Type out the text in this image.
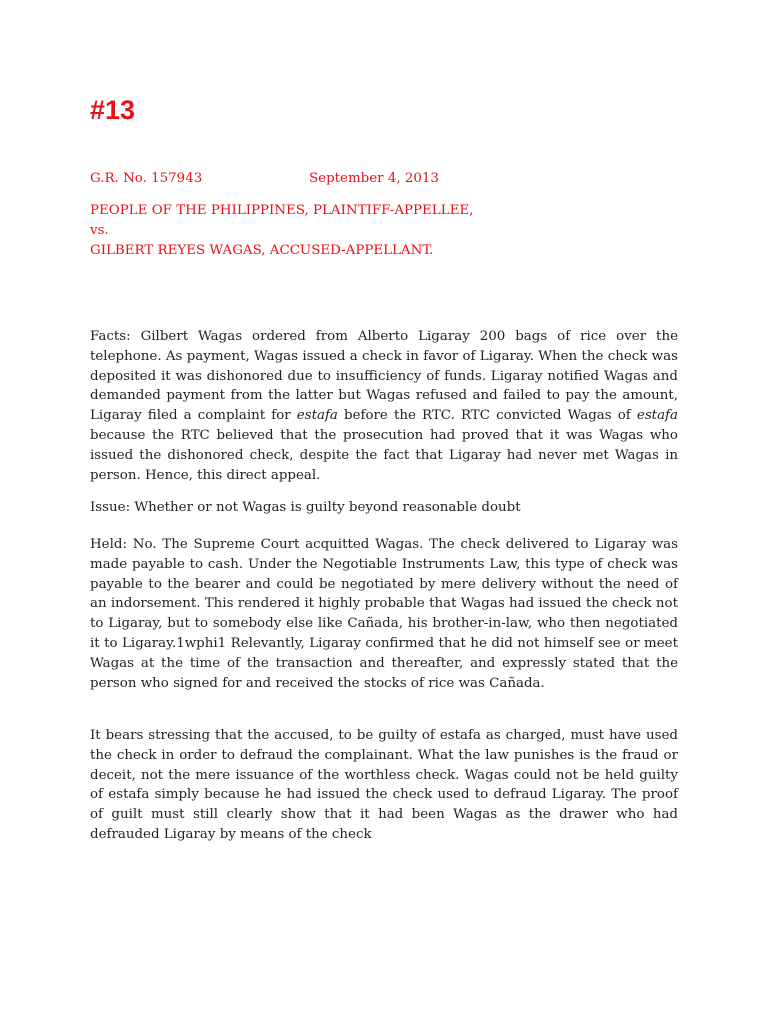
#13
G.R. No. 157943	September 4, 2013
PEOPLE OF THE PHILIPPINES, PLAINTIFF-APPELLEE,
vs.
GILBERT REYES WAGAS, ACCUSED-APPELLANT.

Facts: Gilbert Wagas ordered from Alberto Ligaray 200 bags of rice over the telephone. As payment, Wagas issued a check in favor of Ligaray. When the check was deposited it was dishonored due to insufficiency of funds. Ligaray notified Wagas and demanded payment from the latter but Wagas refused and failed to pay the amount, Ligaray filed a complaint for estafa before the RTC. RTC convicted Wagas of estafa because the RTC believed that the prosecution had proved that it was Wagas who issued the dishonored check, despite the fact that Ligaray had never met Wagas in person. Hence, this direct appeal.

Issue: Whether or not Wagas is guilty beyond reasonable doubt

Held: No. The Supreme Court acquitted Wagas. The check delivered to Ligaray was made payable to cash. Under the Negotiable Instruments Law, this type of check was payable to the bearer and could be negotiated by mere delivery without the need of an indorsement. This rendered it highly probable that Wagas had issued the check not to Ligaray, but to somebody else like Cañada, his brother-in-law, who then negotiated it to Ligaray.1wphi1 Relevantly, Ligaray confirmed that he did not himself see or meet Wagas at the time of the transaction and thereafter, and expressly stated that the person who signed for and received the stocks of rice was Cañada.

It bears stressing that the accused, to be guilty of estafa as charged, must have used the check in order to defraud the complainant. What the law punishes is the fraud or deceit, not the mere issuance of the worthless check. Wagas could not be held guilty of estafa simply because he had issued the check used to defraud Ligaray. The proof of guilt must still clearly show that it had been Wagas as the drawer who had defrauded Ligaray by means of the check
